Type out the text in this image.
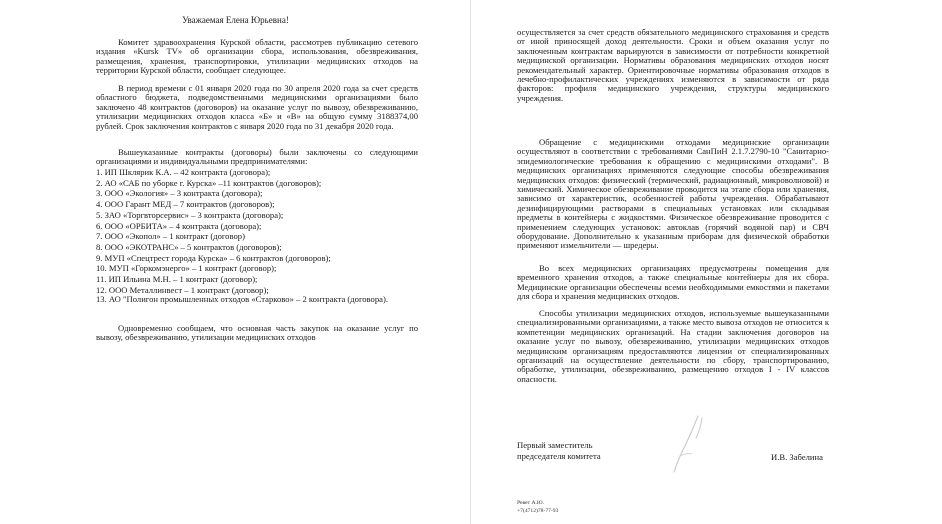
Уважаемая Елена Юрьевна!

Комитет здравоохранения Курской области, рассмотрев публикацию сетевого издания «Kursk TV» об организации сбора, использования, обезвреживания, размещения, хранения, транспортировки, утилизации медицинских отходов на территории Курской области, сообщает следующее.

В период времени с 01 января 2020 года по 30 апреля 2020 года за счет средств областного бюджета, подведомственными медицинскими организациями было заключено 48 контрактов (договоров) на оказание услуг по вывозу, обезвреживанию, утилизации медицинских отходов класса «Б» и «В» на общую сумму 3188374,00 рублей. Срок заключения контрактов с января 2020 года по 31 декабря 2020 года.

Вышеуказанные контракты (договоры) были заключены со следующими организациями и индивидуальными предпринимателями:

1. ИП Шклярик К.А. – 42 контракта (договора);
2. АО «САБ по уборке г. Курска» –11 контрактов (договоров);
3. ООО «Экология» – 3 контракта (договора);
4. ООО Гарант МЕД – 7 контрактов (договоров);
5. ЗАО «Торгвторсервис» – 3 контракта (договора);
6. ООО «ОРБИТА» – 4 контракта (договора);
7. ООО «Экопол» – 1 контракт (договор)
8. ООО «ЭКОТРАНС» – 5 контрактов (договоров);
9. МУП «Спецтрест города Курска» – 6 контрактов (договоров);
10. МУП «Горкомэнерго» – 1 контракт (договор);
11. ИП Ильина М.Н. – 1 контракт (договор);
12. ООО Металлинвест – 1 контракт (договор);
13. АО "Полигон промышленных отходов «Старково» – 2 контракта (договора).

Одновременно сообщаем, что основная часть закупок на оказание услуг по вывозу, обезвреживанию, утилизации медицинских отходов

осуществляется за счет средств обязательного медицинского страхования и средств от иной приносящей доход деятельности. Сроки и объем оказания услуг по заключенным контрактам варьируются в зависимости от потребности конкретной медицинской организации. Нормативы образования медицинских отходов носят рекомендательный характер. Ориентировочные нормативы образования отходов в лечебно-профилактических учреждениях изменяются в зависимости от ряда факторов: профиля медицинского учреждения, структуры медицинского учреждения.

Обращение с медицинскими отходами медицинские организации осуществляют в соответствии с требованиями СанПиН 2.1.7.2790-10 "Санитарно-эпидемиологические требования к обращению с медицинскими отходами". В медицинских организациях применяются следующие способы обезвреживания медицинских отходов: физический (термический, радиационный, микроволновой) и химический. Химическое обезвреживание проводится на этапе сбора или хранения, зависимо от характеристик, особенностей работы учреждения. Обрабатывают дезинфицирующими растворами в специальных установках или складывая предметы в контейнеры с жидкостями. Физическое обезвреживание проводится с применением следующих установок: автоклав (горячий водяной пар) и СВЧ оборудование. Дополнительно к указанным приборам для физической обработки применяют измельчители — шредеры.

Во всех медицинских организациях предусмотрены помещения для временного хранения отходов, а также специальные контейнеры для их сбора. Медицинские организации обеспечены всеми необходимыми емкостями и пакетами для сбора и хранения медицинских отходов.

Способы утилизации медицинских отходов, используемые вышеуказанными специализированными организациями, а также место вывоза отходов не относится к компетенции медицинских организаций. На стадии заключения договоров на оказание услуг по вывозу, обезвреживанию, утилизации медицинских отходов медицинским организациям предоставляются лицензии от специализированных организаций на осуществление деятельности по сбору, транспортированию, обработке, утилизации, обезвреживанию, размещению отходов I - IV классов опасности.

Первый заместитель

председателя комитета	И.В. Забелина

Ревет А.Ю.

+7(4712)78-77-93
